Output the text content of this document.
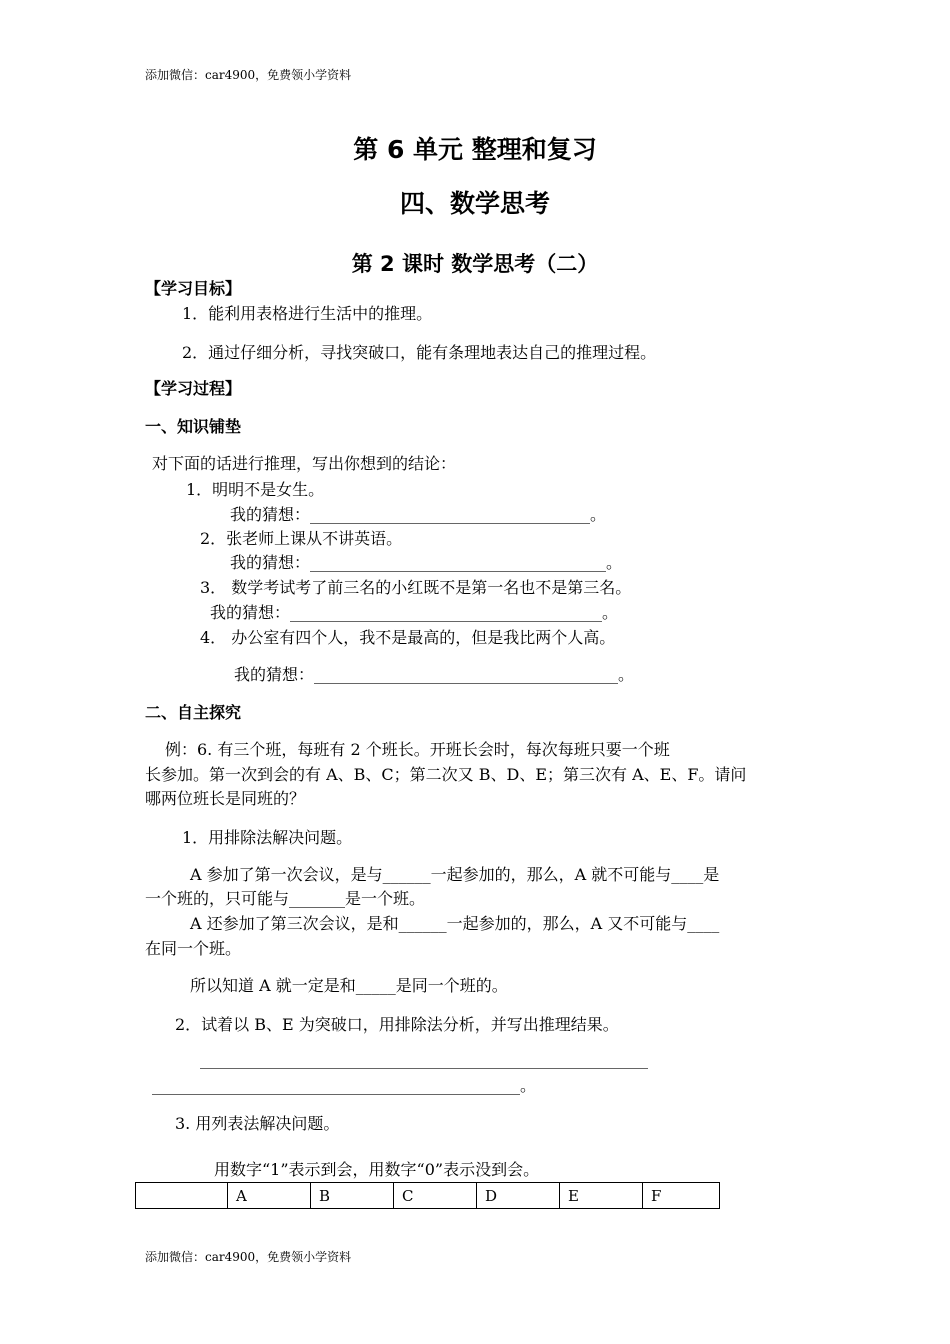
添加微信：car4900，免费领小学资料
第 6 单元 整理和复习
四、数学思考
第 2 课时 数学思考（二）
【学习目标】
1．能利用表格进行生活中的推理。
2．通过仔细分析，寻找突破口，能有条理地表达自己的推理过程。
【学习过程】
一、知识铺垫
对下面的话进行推理，写出你想到的结论：
1．明明不是女生。
我的猜想：___________________________________。
2．张老师上课从不讲英语。
我的猜想：_____________________________________。
3． 数学考试考了前三名的小红既不是第一名也不是第三名。
我的猜想：_______________________________________。
4． 办公室有四个人，我不是最高的，但是我比两个人高。
我的猜想：______________________________________。
二、自主探究
例：6. 有三个班，每班有 2 个班长。开班长会时，每次每班只要一个班
长参加。第一次到会的有 A、B、C；第二次又 B、D、E；第三次有 A、E、F。请问
哪两位班长是同班的？
1．用排除法解决问题。
A 参加了第一次会议，是与______一起参加的，那么，A 就不可能与____是
一个班的，只可能与_______是一个班。
A 还参加了第三次会议，是和______一起参加的，那么，A 又不可能与____
在同一个班。
所以知道 A 就一定是和_____是同一个班的。
2．试着以 B、E 为突破口，用排除法分析，并写出推理结果。
________________________________________________________
______________________________________________。
3. 用列表法解决问题。
用数字“1”表示到会，用数字“0”表示没到会。
	A	B	C	D	E	F
添加微信：car4900，免费领小学资料
